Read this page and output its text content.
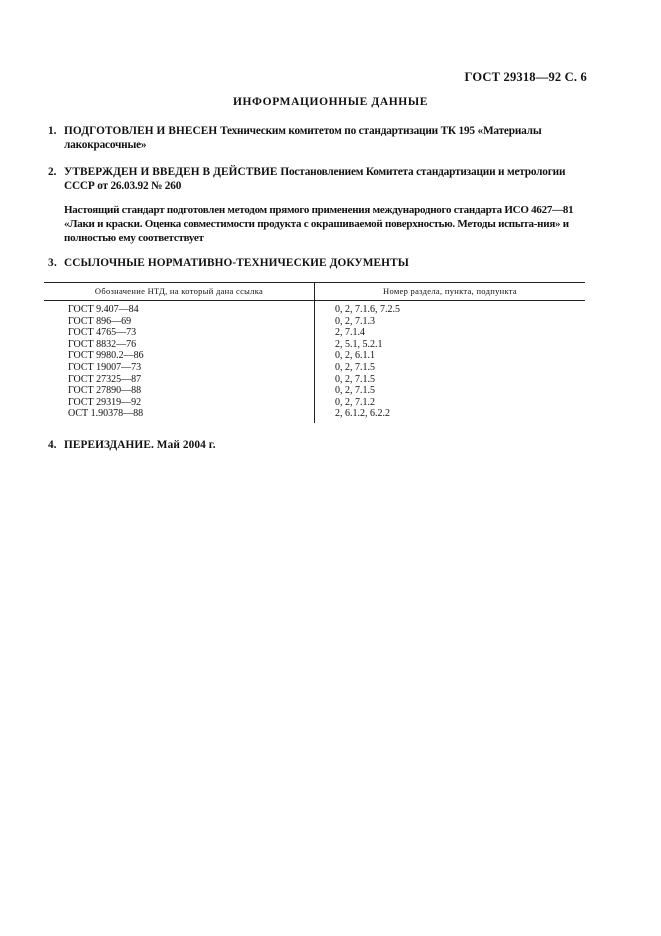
ГОСТ 29318—92 С. 6
ИНФОРМАЦИОННЫЕ ДАННЫЕ
1. ПОДГОТОВЛЕН И ВНЕСЕН Техническим комитетом по стандартизации ТК 195 «Материалы лакокрасочные»
2. УТВЕРЖДЕН И ВВЕДЕН В ДЕЙСТВИЕ Постановлением Комитета стандартизации и метрологии СССР от 26.03.92 № 260
Настоящий стандарт подготовлен методом прямого применения международного стандарта ИСО 4627—81 «Лаки и краски. Оценка совместимости продукта с окрашиваемой поверхностью. Методы испыта-ния» и полностью ему соответствует
3. ССЫЛОЧНЫЕ НОРМАТИВНО-ТЕХНИЧЕСКИЕ ДОКУМЕНТЫ
Обозначение НТД, на который дана ссылка	Номер раздела, пункта, подпункта
ГОСТ 9.407—84
ГОСТ 896—69
ГОСТ 4765—73
ГОСТ 8832—76
ГОСТ 9980.2—86
ГОСТ 19007—73
ГОСТ 27325—87
ГОСТ 27890—88
ГОСТ 29319—92
ОСТ 1.90378—88
0, 2, 7.1.6, 7.2.5
0, 2, 7.1.3
2, 7.1.4
2, 5.1, 5.2.1
0, 2, 6.1.1
0, 2, 7.1.5
0, 2, 7.1.5
0, 2, 7.1.5
0, 2, 7.1.2
2, 6.1.2, 6.2.2
4. ПЕРЕИЗДАНИЕ. Май 2004 г.
